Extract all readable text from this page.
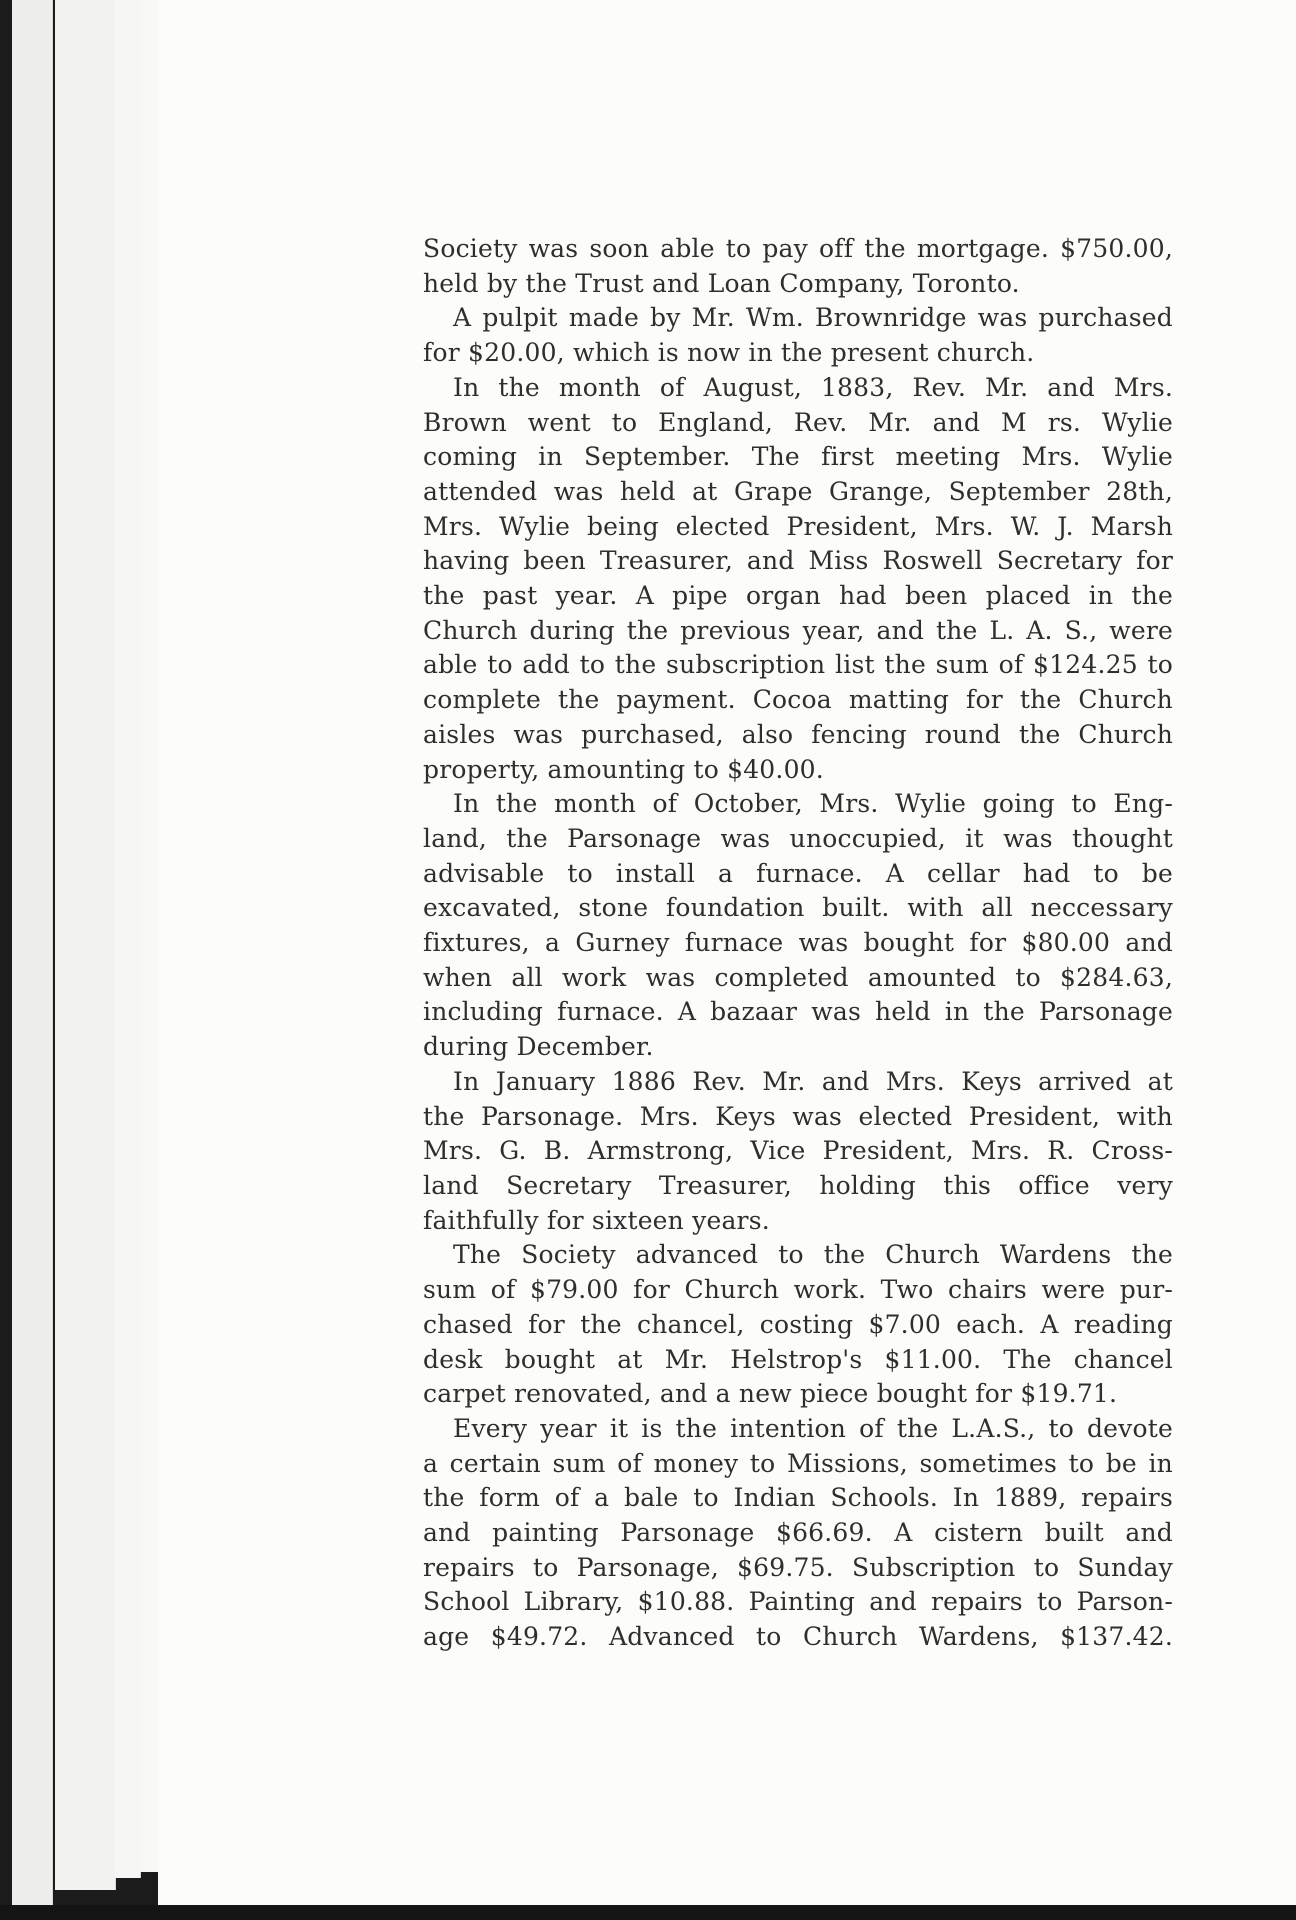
Society was soon able to pay off the mortgage. $750.00,
held by the Trust and Loan Company, Toronto.
A pulpit made by Mr. Wm. Brownridge was purchased
for $20.00, which is now in the present church.
In the month of August, 1883, Rev. Mr. and Mrs.
Brown went to England, Rev. Mr. and M rs. Wylie
coming in September. The first meeting Mrs. Wylie
attended was held at Grape Grange, September 28th,
Mrs. Wylie being elected President, Mrs. W. J. Marsh
having been Treasurer, and Miss Roswell Secretary for
the past year. A pipe organ had been placed in the
Church during the previous year, and the L. A. S., were
able to add to the subscription list the sum of $124.25 to
complete the payment. Cocoa matting for the Church
aisles was purchased, also fencing round the Church
property, amounting to $40.00.
In the month of October, Mrs. Wylie going to Eng-
land, the Parsonage was unoccupied, it was thought
advisable to install a furnace. A cellar had to be
excavated, stone foundation built. with all neccessary
fixtures, a Gurney furnace was bought for $80.00 and
when all work was completed amounted to $284.63,
including furnace. A bazaar was held in the Parsonage
during December.
In January 1886 Rev. Mr. and Mrs. Keys arrived at
the Parsonage. Mrs. Keys was elected President, with
Mrs. G. B. Armstrong, Vice President, Mrs. R. Cross-
land Secretary Treasurer, holding this office very
faithfully for sixteen years.
The Society advanced to the Church Wardens the
sum of $79.00 for Church work. Two chairs were pur-
chased for the chancel, costing $7.00 each. A reading
desk bought at Mr. Helstrop's $11.00. The chancel
carpet renovated, and a new piece bought for $19.71.
Every year it is the intention of the L.A.S., to devote
a certain sum of money to Missions, sometimes to be in
the form of a bale to Indian Schools. In 1889, repairs
and painting Parsonage $66.69. A cistern built and
repairs to Parsonage, $69.75. Subscription to Sunday
School Library, $10.88. Painting and repairs to Parson-
age $49.72. Advanced to Church Wardens, $137.42.
